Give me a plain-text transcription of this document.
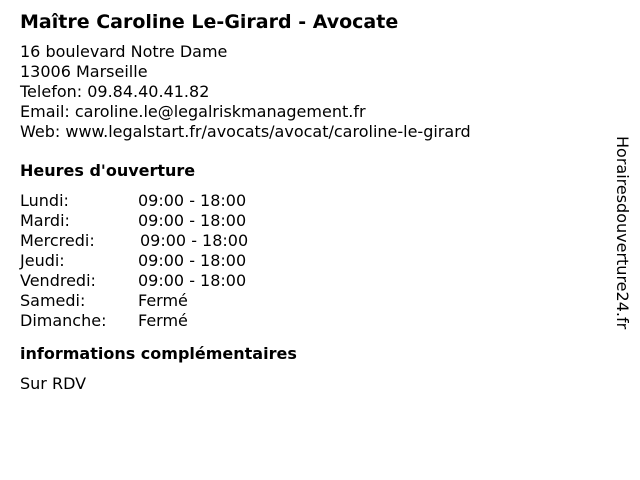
Maître Caroline Le-Girard - Avocate
16 boulevard Notre Dame
13006 Marseille
Telefon: 09.84.40.41.82
Email: caroline.le@legalriskmanagement.fr
Web: www.legalstart.fr/avocats/avocat/caroline-le-girard
Heures d'ouverture
Lundi:	09:00 - 18:00
Mardi:	09:00 - 18:00
Mercredi:	09:00 - 18:00
Jeudi:	09:00 - 18:00
Vendredi:	09:00 - 18:00
Samedi:	Fermé
Dimanche: Fermé
informations complémentaires
Sur RDV
Horairesdouverture24.fr
